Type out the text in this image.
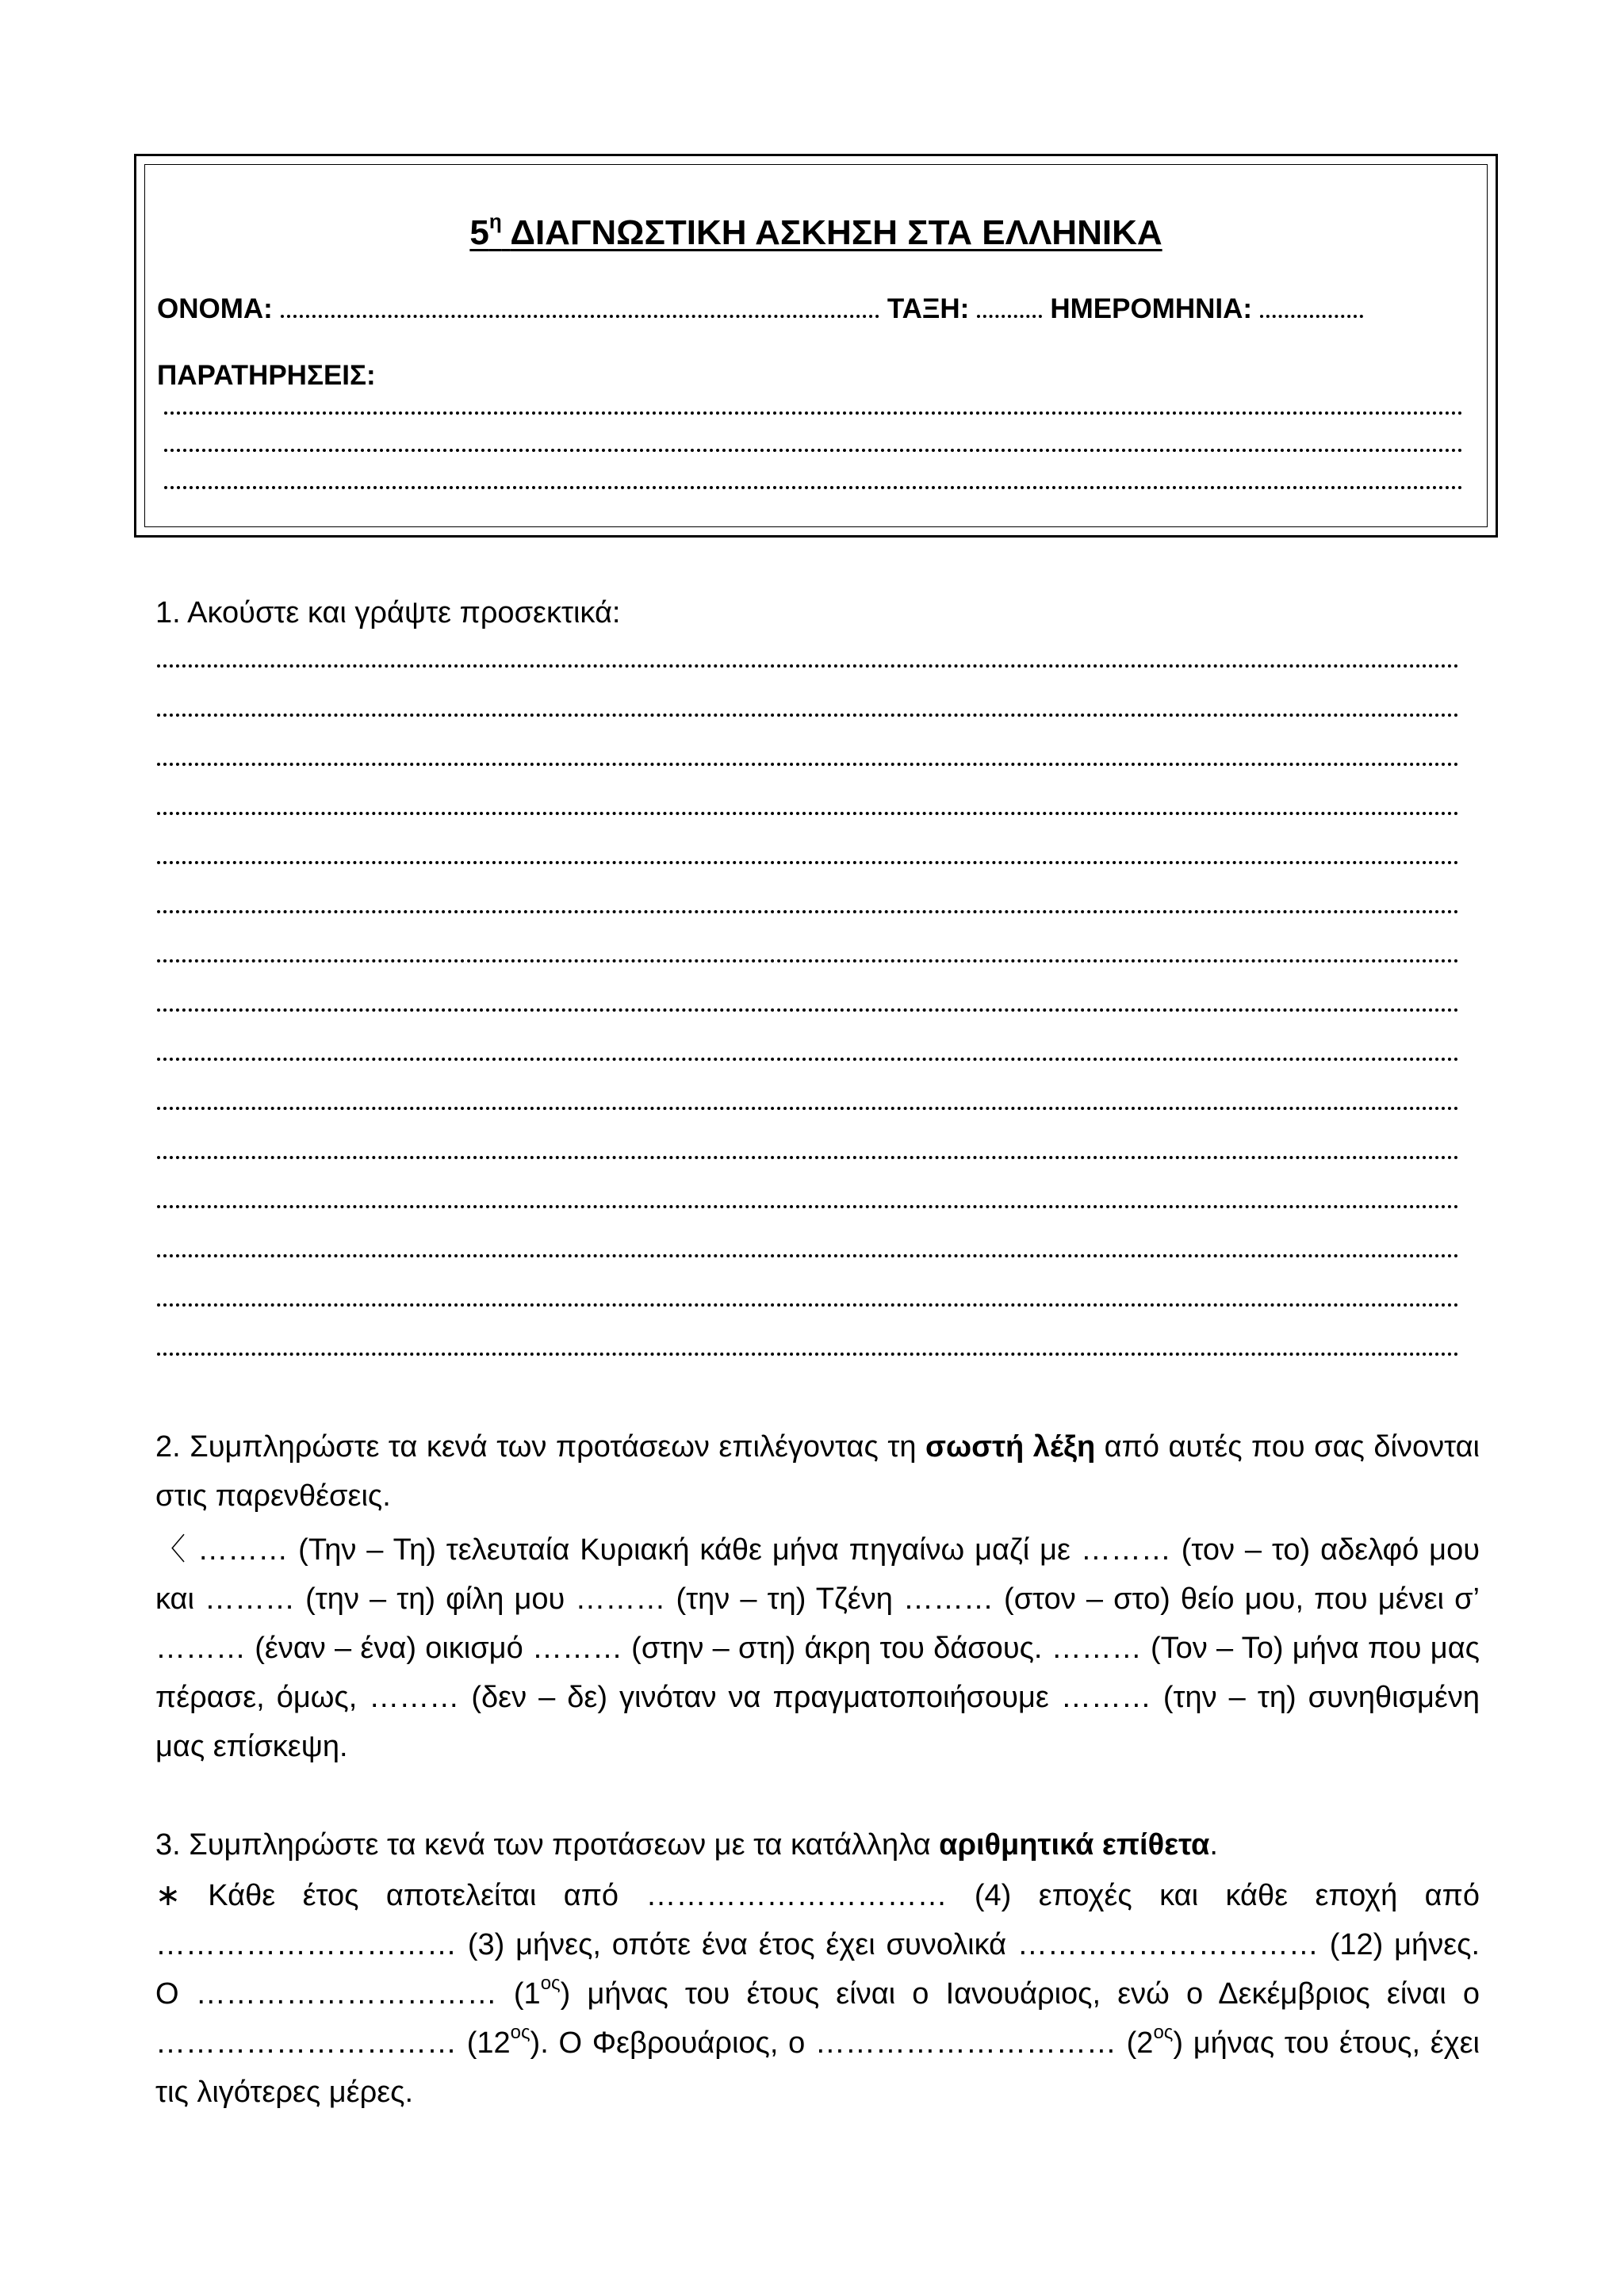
$5^\eta$ ΔΙΑΓΝΩΣΤΙΚΗ ΑΣΚΗΣΗ ΣΤΑ ΕΛΛΗΝΙΚΑ
ΟΝΟΜΑ:	ΤΑΞΗ:	ΗΜΕΡΟΜΗΝΙΑ:
ΠΑΡΑΤΗΡΗΣΕΙΣ:
1. Ακούστε και γράψτε προσεκτικά:
2. Συμπληρώστε τα κενά των προτάσεων επιλέγοντας τη σωστή λέξη από αυτές που σας δίνονται στις παρενθέσεις.
〈 ……… (Την – Τη) τελευταία Κυριακή κάθε μήνα πηγαίνω μαζί με ……… (τον – το) αδελφό μου και ……… (την – τη) φίλη μου ……… (την – τη) Τζένη ……… (στον – στο) θείο μου, που μένει σ’ ……… (έναν – ένα) οικισμό ……… (στην – στη) άκρη του δάσους. ……… (Τον – Το) μήνα που μας πέρασε, όμως, ……… (δεν – δε) γινόταν να πραγματοποιήσουμε ……… (την – τη) συνηθισμένη μας επίσκεψη.
3. Συμπληρώστε τα κενά των προτάσεων με τα κατάλληλα αριθμητικά επίθετα.
∗ Κάθε έτος αποτελείται από ………………………… (4) εποχές και κάθε εποχή από ………………………… (3) μήνες, οπότε ένα έτος έχει συνολικά ………………………… (12) μήνες. Ο ………………………… $(1^{o\varsigma})$ μήνας του έτους είναι ο Ιανουάριος, ενώ ο Δεκέμβριος είναι ο ………………………… $(12^{o\varsigma})$. Ο Φεβρουάριος, ο ………………………… $(2^{o\varsigma})$ μήνας του έτους, έχει τις λιγότερες μέρες.
